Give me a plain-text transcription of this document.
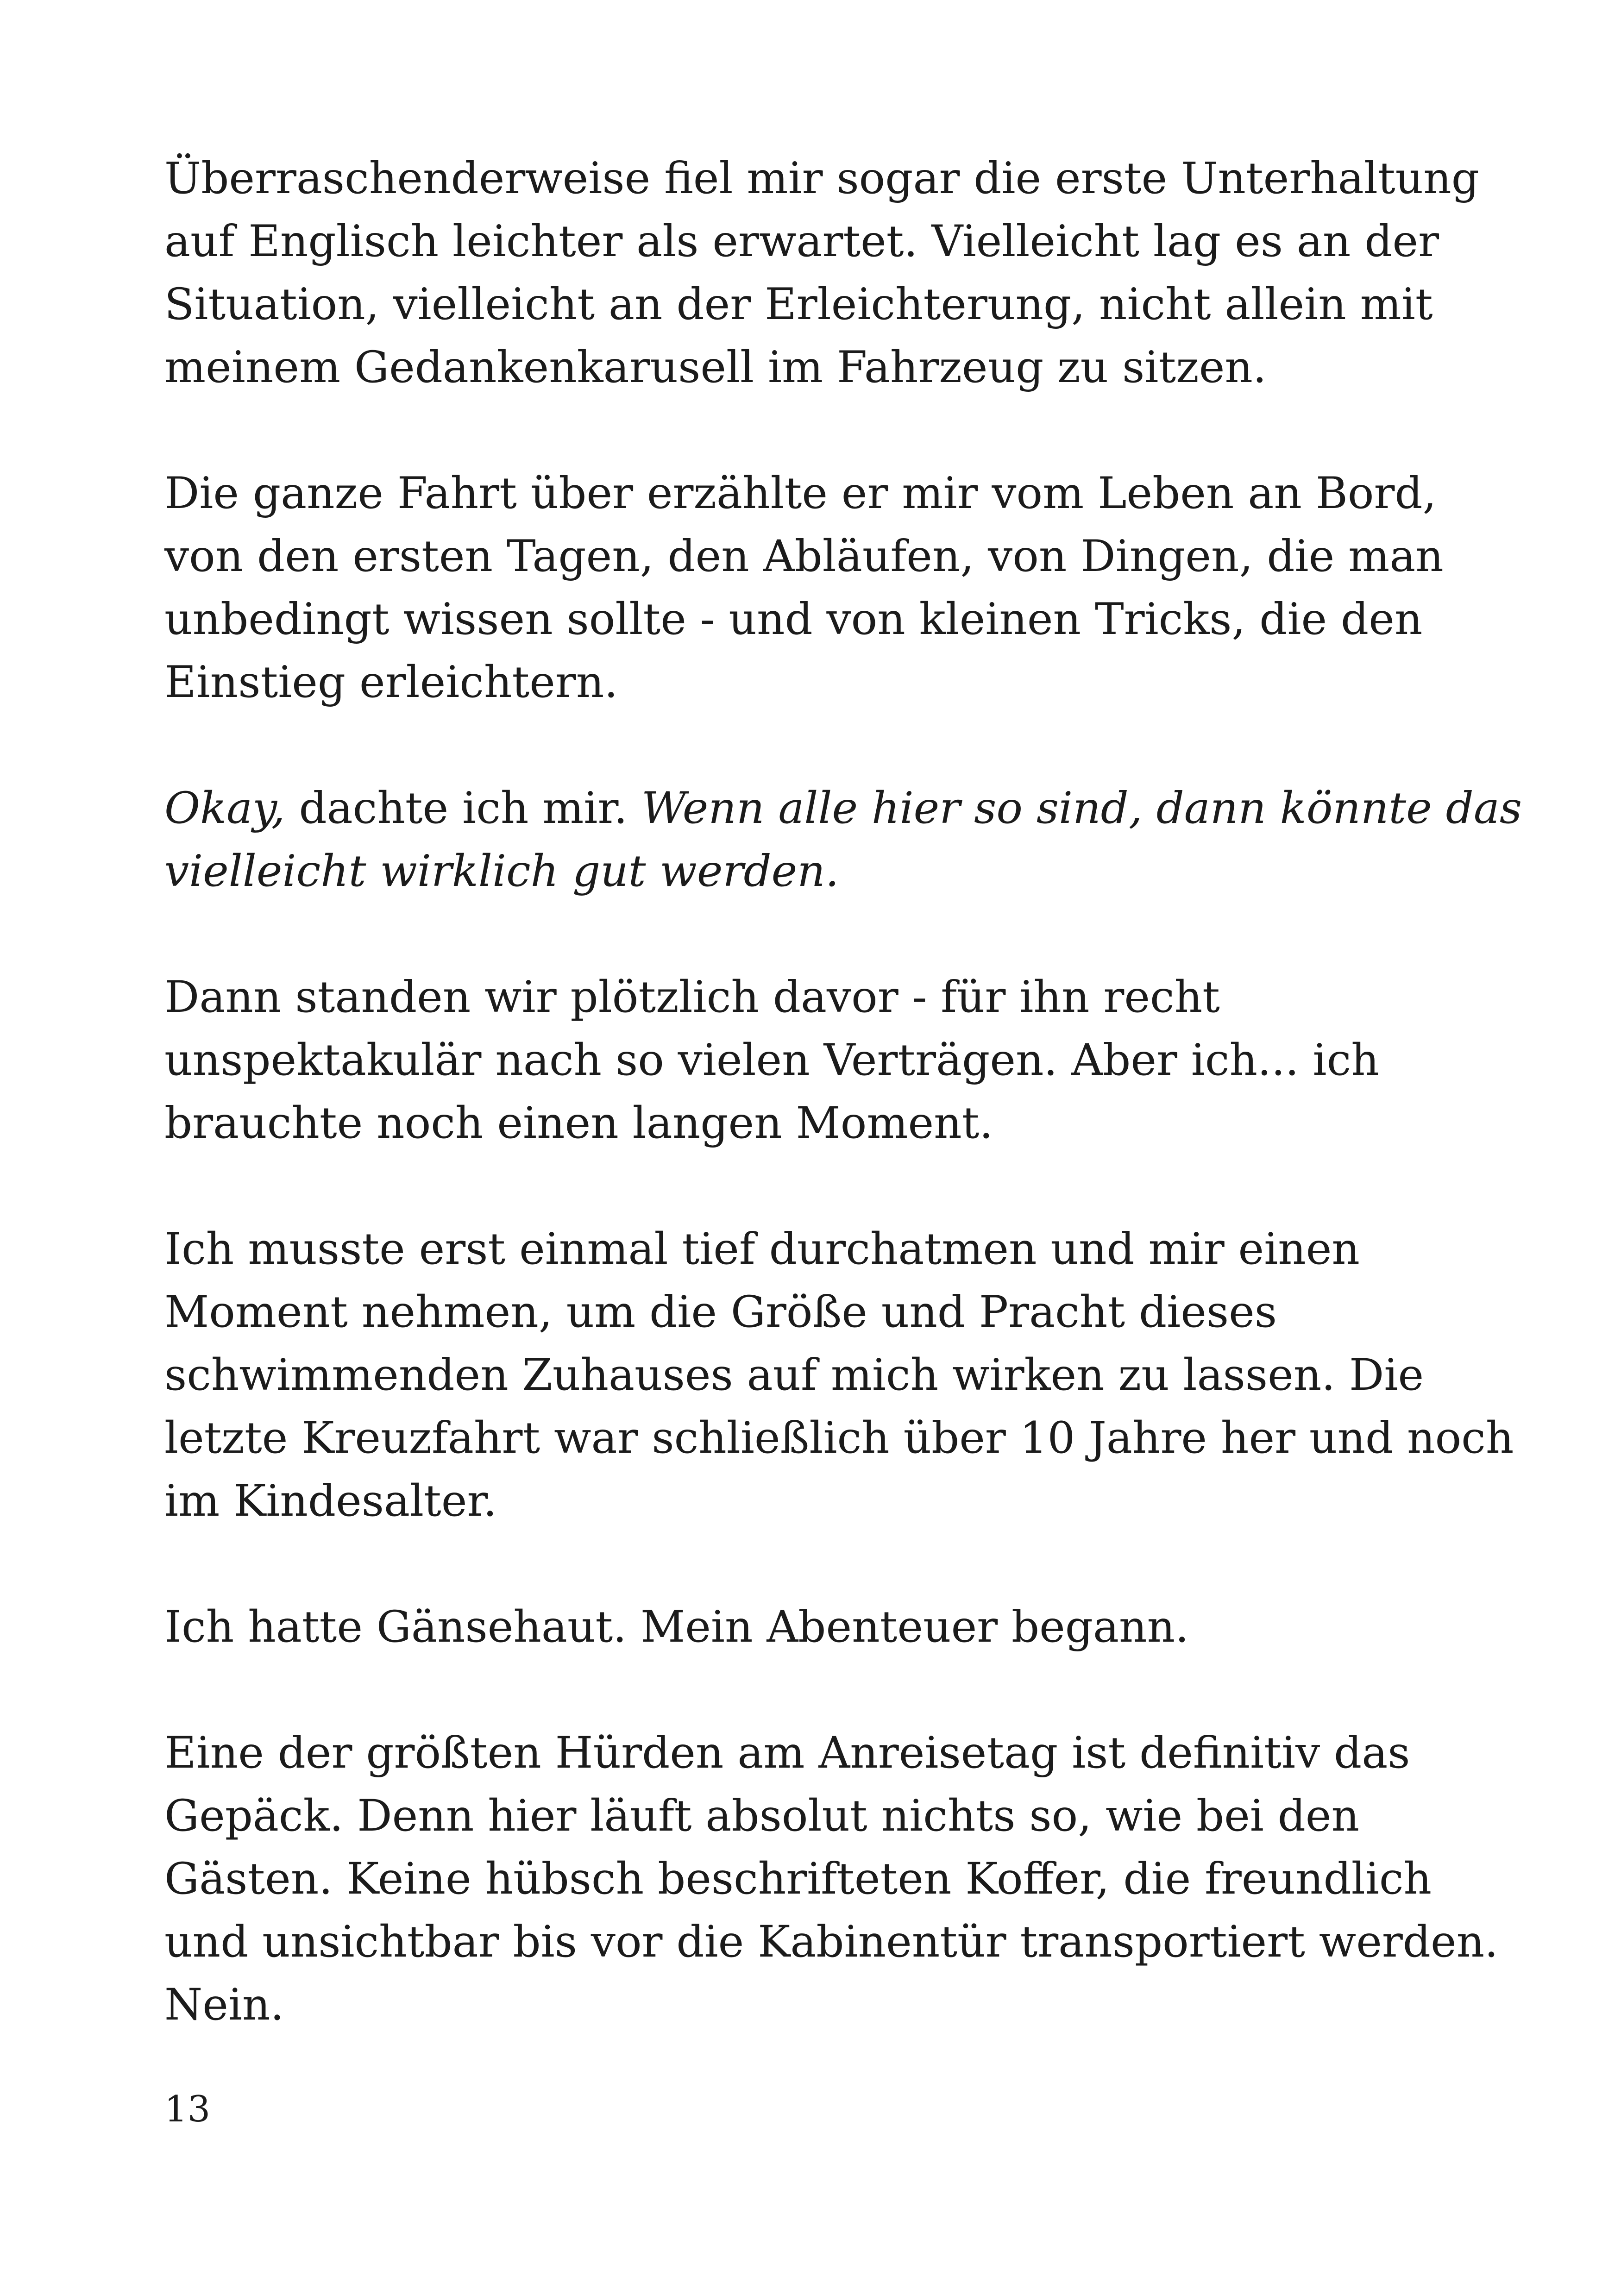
Überraschenderweise fiel mir sogar die erste Unterhaltung
auf Englisch leichter als erwartet. Vielleicht lag es an der
Situation, vielleicht an der Erleichterung, nicht allein mit
meinem Gedankenkarusell im Fahrzeug zu sitzen.

Die ganze Fahrt über erzählte er mir vom Leben an Bord,
von den ersten Tagen, den Abläufen, von Dingen, die man
unbedingt wissen sollte - und von kleinen Tricks, die den
Einstieg erleichtern.

Okay, dachte ich mir. Wenn alle hier so sind, dann könnte das
vielleicht wirklich gut werden.

Dann standen wir plötzlich davor - für ihn recht
unspektakulär nach so vielen Verträgen. Aber ich... ich
brauchte noch einen langen Moment.

Ich musste erst einmal tief durchatmen und mir einen
Moment nehmen, um die Größe und Pracht dieses
schwimmenden Zuhauses auf mich wirken zu lassen. Die
letzte Kreuzfahrt war schließlich über 10 Jahre her und noch
im Kindesalter.

Ich hatte Gänsehaut. Mein Abenteuer begann.

Eine der größten Hürden am Anreisetag ist definitiv das
Gepäck. Denn hier läuft absolut nichts so, wie bei den
Gästen. Keine hübsch beschrifteten Koffer, die freundlich
und unsichtbar bis vor die Kabinentür transportiert werden.
Nein.

13
